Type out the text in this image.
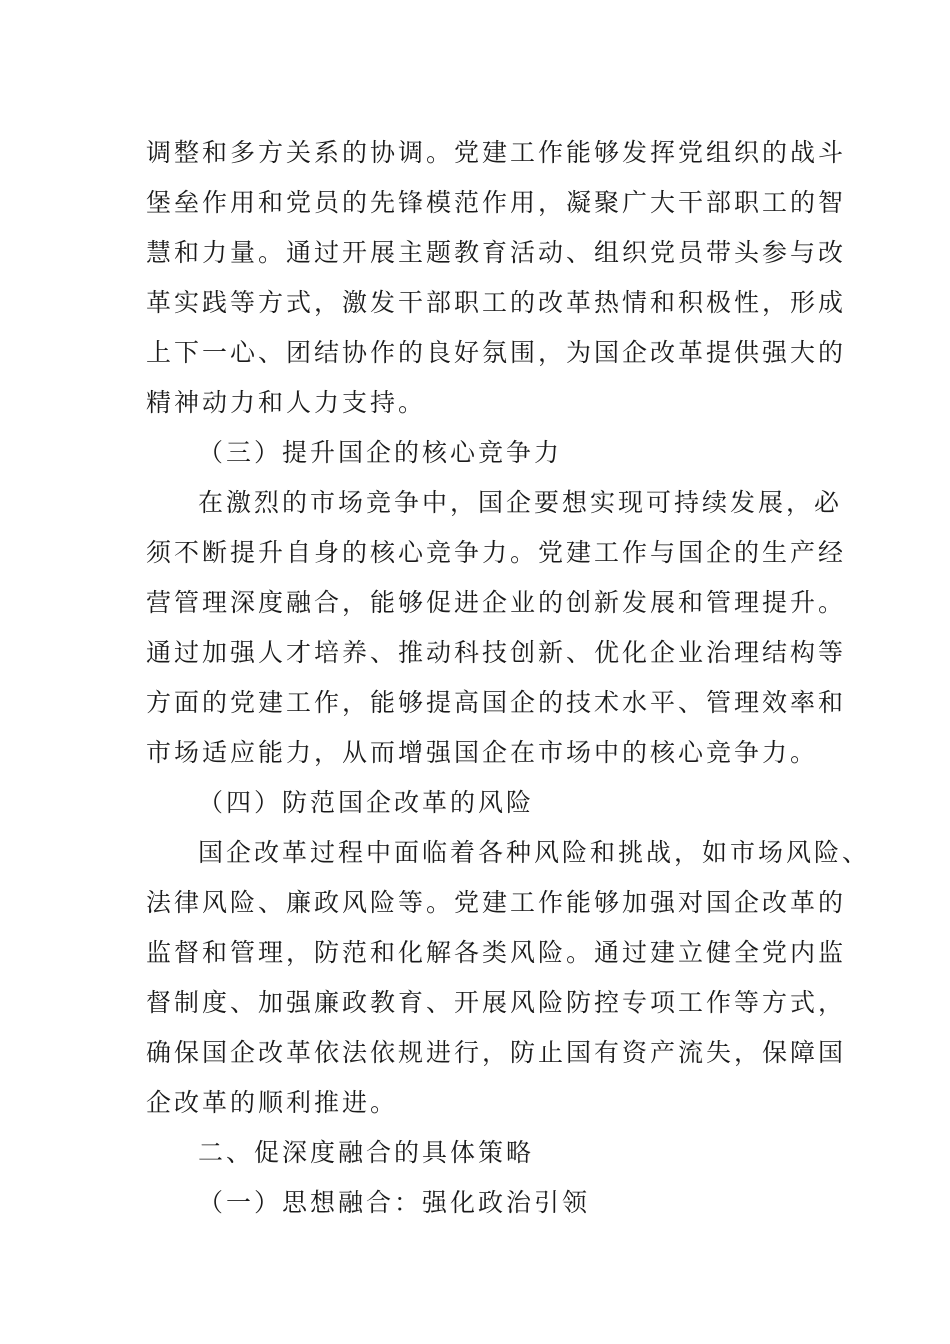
调整和多方关系的协调。党建工作能够发挥党组织的战斗
堡垒作用和党员的先锋模范作用，凝聚广大干部职工的智
慧和力量。通过开展主题教育活动、组织党员带头参与改
革实践等方式，激发干部职工的改革热情和积极性，形成
上下一心、团结协作的良好氛围，为国企改革提供强大的
精神动力和人力支持。
（三）提升国企的核心竞争力
在激烈的市场竞争中，国企要想实现可持续发展，必
须不断提升自身的核心竞争力。党建工作与国企的生产经
营管理深度融合，能够促进企业的创新发展和管理提升。
通过加强人才培养、推动科技创新、优化企业治理结构等
方面的党建工作，能够提高国企的技术水平、管理效率和
市场适应能力，从而增强国企在市场中的核心竞争力。
（四）防范国企改革的风险
国企改革过程中面临着各种风险和挑战，如市场风险、
法律风险、廉政风险等。党建工作能够加强对国企改革的
监督和管理，防范和化解各类风险。通过建立健全党内监
督制度、加强廉政教育、开展风险防控专项工作等方式，
确保国企改革依法依规进行，防止国有资产流失，保障国
企改革的顺利推进。
二、促深度融合的具体策略
（一）思想融合：强化政治引领
